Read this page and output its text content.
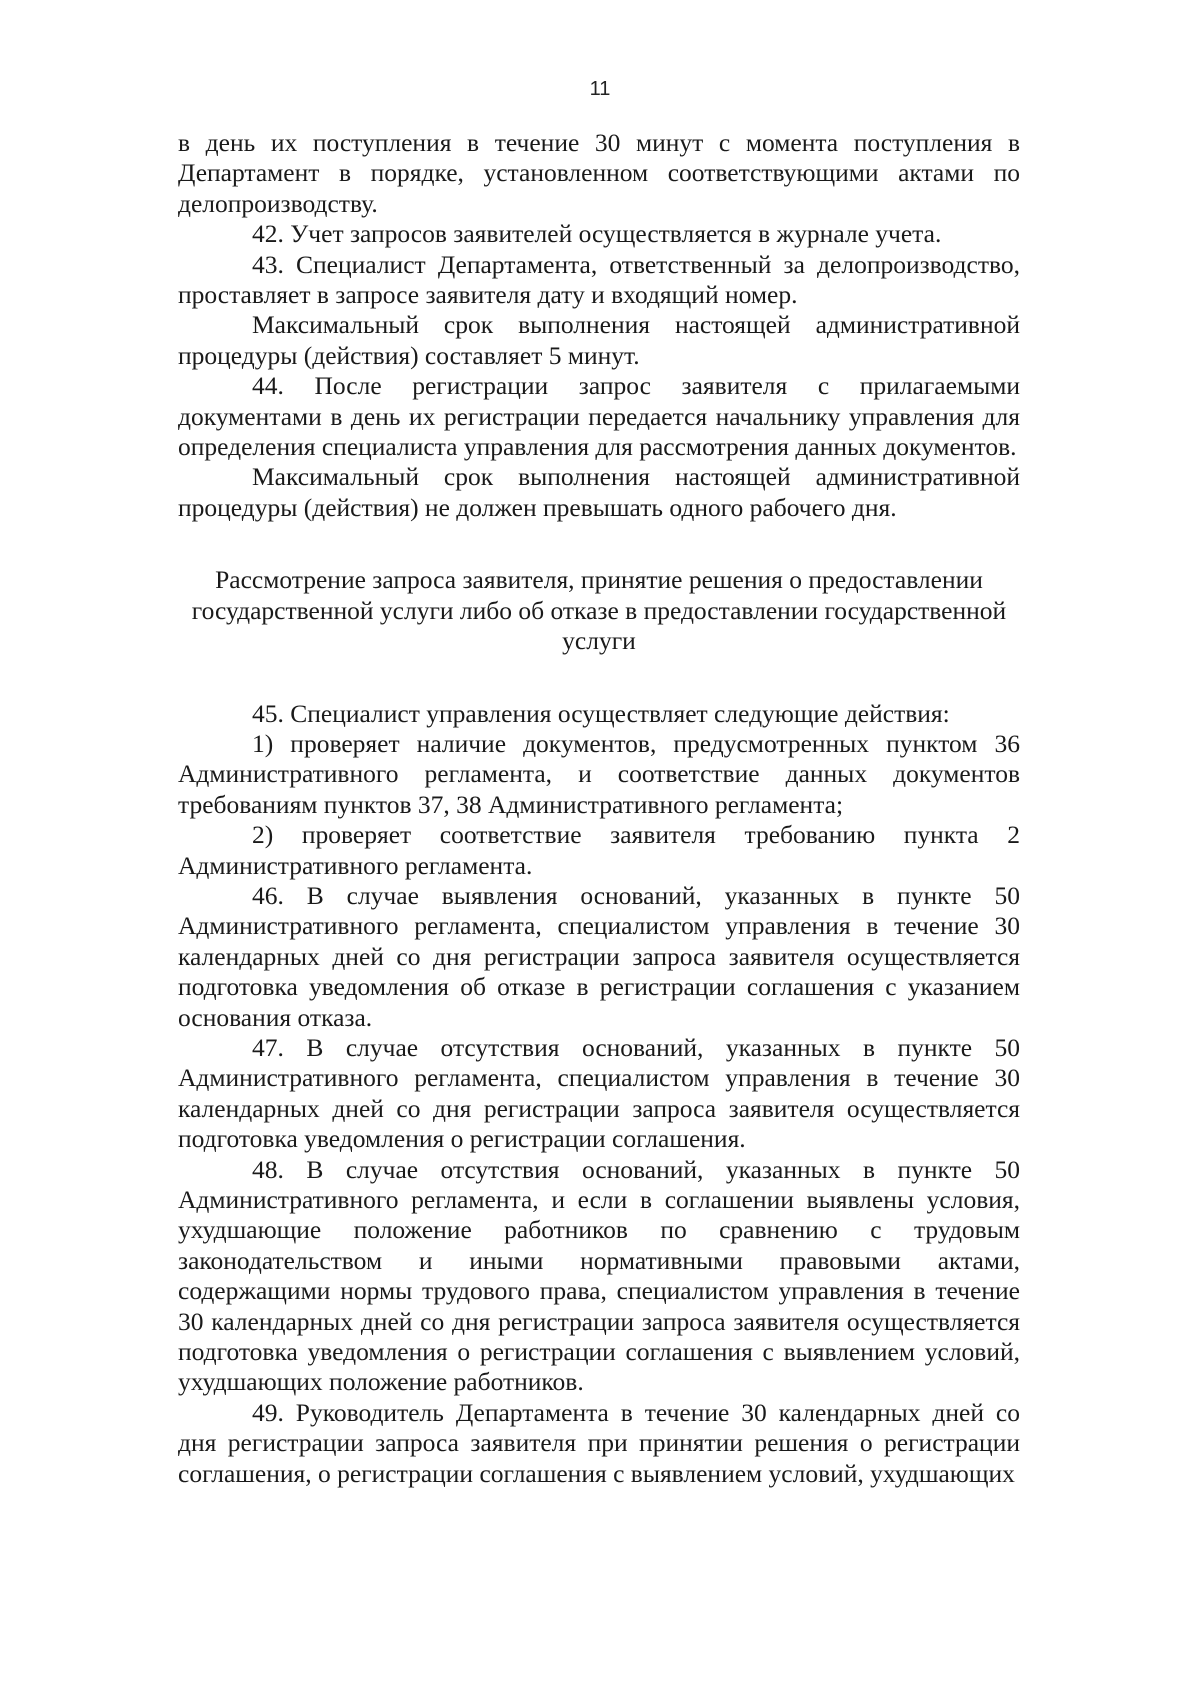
11

в день их поступления в течение 30 минут с момента поступления в Департамент в порядке, установленном соответствующими актами по делопроизводству.

42. Учет запросов заявителей осуществляется в журнале учета.

43. Специалист Департамента, ответственный за делопроизводство, проставляет в запросе заявителя дату и входящий номер.

Максимальный срок выполнения настоящей административной процедуры (действия) составляет 5 минут.

44. После регистрации запрос заявителя с прилагаемыми документами в день их регистрации передается начальнику управления для определения специалиста управления для рассмотрения данных документов.

Максимальный срок выполнения настоящей административной процедуры (действия) не должен превышать одного рабочего дня.

Рассмотрение запроса заявителя, принятие решения о предоставлении государственной услуги либо об отказе в предоставлении государственной услуги

45. Специалист управления осуществляет следующие действия:

1) проверяет наличие документов, предусмотренных пунктом 36 Административного регламента, и соответствие данных документов требованиям пунктов 37, 38 Административного регламента;

2) проверяет соответствие заявителя требованию пункта 2 Административного регламента.

46. В случае выявления оснований, указанных в пункте 50 Административного регламента, специалистом управления в течение 30 календарных дней со дня регистрации запроса заявителя осуществляется подготовка уведомления об отказе в регистрации соглашения с указанием основания отказа.

47. В случае отсутствия оснований, указанных в пункте 50 Административного регламента, специалистом управления в течение 30 календарных дней со дня регистрации запроса заявителя осуществляется подготовка уведомления о регистрации соглашения.

48. В случае отсутствия оснований, указанных в пункте 50 Административного регламента, и если в соглашении выявлены условия, ухудшающие положение работников по сравнению с трудовым законодательством и иными нормативными правовыми актами, содержащими нормы трудового права, специалистом управления в течение 30 календарных дней со дня регистрации запроса заявителя осуществляется подготовка уведомления о регистрации соглашения с выявлением условий, ухудшающих положение работников.

49. Руководитель Департамента в течение 30 календарных дней со дня регистрации запроса заявителя при принятии решения о регистрации соглашения, о регистрации соглашения с выявлением условий, ухудшающих
